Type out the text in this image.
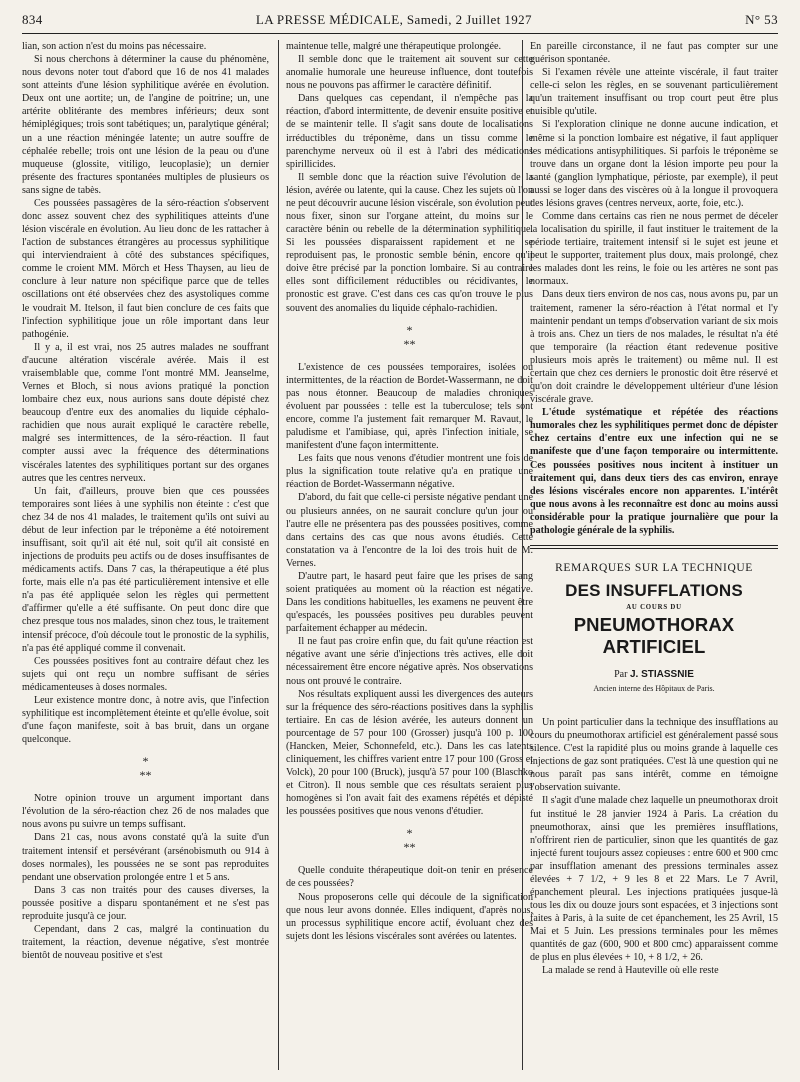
834	LA PRESSE MÉDICALE, Samedi, 2 Juillet 1927	N° 53

lian, son action n'est du moins pas nécessaire.

Si nous cherchons à déterminer la cause du phénomène, nous devons noter tout d'abord que 16 de nos 41 malades sont atteints d'une lésion syphilitique avérée en évolution. Deux ont une aortite; un, de l'angine de poitrine; un, une artérite oblitérante des membres inférieurs; deux sont hémiplégiques; trois sont tabétiques; un, paralytique général; un a une réaction méningée latente; un autre souffre de céphalée rebelle; trois ont une lésion de la peau ou d'une muqueuse (glossite, vitiligo, leucoplasie); un dernier présente des fractures spontanées multiples de plusieurs os sans signe de tabès.

Ces poussées passagères de la séro-réaction s'observent donc assez souvent chez des syphilitiques atteints d'une lésion viscérale en évolution. Au lieu donc de les rattacher à l'action de substances étrangères au processus syphilitique qui interviendraient à côté des substances spécifiques, comme le croient MM. Mörch et Hess Thaysen, au lieu de conclure à leur nature non spécifique parce que de telles oscillations ont été observées chez des asystoliques comme le voudrait M. Itelson, il faut bien conclure de ces faits que l'infection syphilitique joue un rôle important dans leur pathogénie.

Il y a, il est vrai, nos 25 autres malades ne souffrant d'aucune altération viscérale avérée. Mais il est vraisemblable que, comme l'ont montré MM. Jeanselme, Vernes et Bloch, si nous avions pratiqué la ponction lombaire chez eux, nous aurions sans doute dépisté chez beaucoup d'entre eux des anomalies du liquide céphalo-rachidien que nous aurait expliqué le caractère rebelle, malgré ses intermittences, de la séro-réaction. Il faut compter aussi avec la fréquence des déterminations viscérales latentes des syphilitiques portant sur des organes autres que les centres nerveux.

Un fait, d'ailleurs, prouve bien que ces poussées temporaires sont liées à une syphilis non éteinte : c'est que chez 34 de nos 41 malades, le traitement qu'ils ont suivi au début de leur infection par le tréponème a été notoirement insuffisant, soit qu'il ait été nul, soit qu'il ait consisté en injections de produits peu actifs ou de doses insuffisantes de médicaments actifs. Dans 7 cas, la thérapeutique a été plus forte, mais elle n'a pas été particulièrement intensive et elle n'a pas été appliquée selon les règles qui permettent d'affirmer qu'elle a été suffisante. On peut donc dire que chez presque tous nos malades, sinon chez tous, le traitement intensif précoce, d'où découle tout le pronostic de la syphilis, n'a pas été appliqué comme il convenait.

Ces poussées positives font au contraire défaut chez les sujets qui ont reçu un nombre suffisant de séries médicamenteuses à doses normales.

Leur existence montre donc, à notre avis, que l'infection syphilitique est incomplètement éteinte et qu'elle évolue, soit d'une façon manifeste, soit à bas bruit, dans un organe quelconque.

*
**

Notre opinion trouve un argument important dans l'évolution de la séro-réaction chez 26 de nos malades que nous avons pu suivre un temps suffisant.

Dans 21 cas, nous avons constaté qu'à la suite d'un traitement intensif et persévérant (arsénobismuth ou 914 à doses normales), les poussées ne se sont pas reproduites pendant une observation prolongée entre 1 et 5 ans.

Dans 3 cas non traités pour des causes diverses, la poussée positive a disparu spontanément et ne s'est pas reproduite jusqu'à ce jour.

Cependant, dans 2 cas, malgré la continuation du traitement, la réaction, devenue négative, s'est montrée bientôt de nouveau positive et s'est

maintenue telle, malgré une thérapeutique prolongée.

Il semble donc que le traitement ait souvent sur cette anomalie humorale une heureuse influence, dont toutefois nous ne pouvons pas affirmer le caractère définitif.

Dans quelques cas cependant, il n'empêche pas la réaction, d'abord intermittente, de devenir ensuite positive et de se maintenir telle. Il s'agit sans doute de localisations irréductibles du tréponème, dans un tissu comme le parenchyme nerveux où il est à l'abri des médications spirillicides.

Il semble donc que la réaction suive l'évolution de la lésion, avérée ou latente, qui la cause. Chez les sujets où l'on ne peut découvrir aucune lésion viscérale, son évolution peut nous fixer, sinon sur l'organe atteint, du moins sur le caractère bénin ou rebelle de la détermination syphilitique. Si les poussées disparaissent rapidement et ne se reproduisent pas, le pronostic semble bénin, encore qu'il doive être précisé par la ponction lombaire. Si au contraire elles sont difficilement réductibles ou récidivantes, le pronostic est grave. C'est dans ces cas qu'on trouve le plus souvent des anomalies du liquide céphalo-rachidien.

*
**

L'existence de ces poussées temporaires, isolées ou intermittentes, de la réaction de Bordet-Wassermann, ne doit pas nous étonner. Beaucoup de maladies chroniques évoluent par poussées : telle est la tuberculose; tels sont encore, comme l'a justement fait remarquer M. Ravaut, le paludisme et l'amibiase, qui, après l'infection initiale, se manifestent d'une façon intermittente.

Les faits que nous venons d'étudier montrent une fois de plus la signification toute relative qu'a en pratique une réaction de Bordet-Wassermann négative.

D'abord, du fait que celle-ci persiste négative pendant une ou plusieurs années, on ne saurait conclure qu'un jour ou l'autre elle ne présentera pas des poussées positives, comme dans certains des cas que nous avons étudiés. Cette constatation va à l'encontre de la loi des trois huit de M. Vernes.

D'autre part, le hasard peut faire que les prises de sang soient pratiquées au moment où la réaction est négative. Dans les conditions habituelles, les examens ne peuvent être qu'espacés, les poussées positives peu durables peuvent parfaitement échapper au médecin.

Il ne faut pas croire enfin que, du fait qu'une réaction est négative avant une série d'injections très actives, elle doit nécessairement être encore négative après. Nos observations nous ont prouvé le contraire.

Nos résultats expliquent aussi les divergences des auteurs sur la fréquence des séro-réactions positives dans la syphilis tertiaire. En cas de lésion avérée, les auteurs donnent un pourcentage de 57 pour 100 (Grosser) jusqu'à 100 p. 100 (Hancken, Meier, Schonnefeld, etc.). Dans les cas latents cliniquement, les chiffres varient entre 17 pour 100 (Gross et Volck), 20 pour 100 (Bruck), jusqu'à 57 pour 100 (Blaschko et Citron). Il nous semble que ces résultats seraient plus homogènes si l'on avait fait des examens répétés et dépisté les poussées positives que nous venons d'étudier.

*
**

Quelle conduite thérapeutique doit-on tenir en présence de ces poussées?

Nous proposerons celle qui découle de la signification que nous leur avons donnée. Elles indiquent, d'après nous, un processus syphilitique encore actif, évoluant chez des sujets dont les lésions viscérales sont avérées ou latentes.

En pareille circonstance, il ne faut pas compter sur une guérison spontanée.

Si l'examen révèle une atteinte viscérale, il faut traiter celle-ci selon les règles, en se souvenant particulièrement qu'un traitement insuffisant ou trop court peut être plus nuisible qu'utile.

Si l'exploration clinique ne donne aucune indication, et même si la ponction lombaire est négative, il faut appliquer les médications antisyphilitiques. Si parfois le tréponème se trouve dans un organe dont la lésion importe peu pour la santé (ganglion lymphatique, périoste, par exemple), il peut aussi se loger dans des viscères où à la longue il provoquera des lésions graves (centres nerveux, aorte, foie, etc.).

Comme dans certains cas rien ne nous permet de déceler la localisation du spirille, il faut instituer le traitement de la période tertiaire, traitement intensif si le sujet est jeune et peut le supporter, traitement plus doux, mais prolongé, chez les malades dont les reins, le foie ou les artères ne sont pas normaux.

Dans deux tiers environ de nos cas, nous avons pu, par un traitement, ramener la séro-réaction à l'état normal et l'y maintenir pendant un temps d'observation variant de six mois à trois ans. Chez un tiers de nos malades, le résultat n'a été que temporaire (la réaction étant redevenue positive plusieurs mois après le traitement) ou même nul. Il est certain que chez ces derniers le pronostic doit être réservé et qu'on doit craindre le développement ultérieur d'une lésion viscérale grave.

L'étude systématique et répétée des réactions humorales chez les syphilitiques permet donc de dépister chez certains d'entre eux une infection qui ne se manifeste que d'une façon temporaire ou intermittente. Ces poussées positives nous incitent à instituer un traitement qui, dans deux tiers des cas environ, enraye des lésions viscérales encore non apparentes. L'intérêt que nous avons à les reconnaître est donc au moins aussi considérable pour la pratique journalière que pour la pathologie générale de la syphilis.

REMARQUES SUR LA TECHNIQUE
DES INSUFFLATIONS
AU COURS DU
PNEUMOTHORAX ARTIFICIEL
Par J. STIASSNIE
Ancien interne des Hôpitaux de Paris.

Un point particulier dans la technique des insufflations au cours du pneumothorax artificiel est généralement passé sous silence. C'est la rapidité plus ou moins grande à laquelle ces injections de gaz sont pratiquées. C'est là une question qui ne nous paraît pas sans intérêt, comme en témoigne l'observation suivante.

Il s'agit d'une malade chez laquelle un pneumothorax droit fut institué le 28 janvier 1924 à Paris. La création du pneumothorax, ainsi que les premières insufflations, n'offrirent rien de particulier, sinon que les quantités de gaz injecté furent toujours assez copieuses : entre 600 et 900 cmc par insufflation amenant des pressions terminales assez élevées + 7 1/2, + 9 les 8 et 22 Mars. Le 7 Avril, épanchement pleural. Les injections pratiquées jusque-là tous les dix ou douze jours sont espacées, et 3 injections sont faites à Paris, à la suite de cet épanchement, les 25 Avril, 15 Mai et 5 Juin. Les pressions terminales pour les mêmes quantités de gaz (600, 900 et 800 cmc) apparaissent comme de plus en plus élevées + 10, + 8 1/2, + 26.

La malade se rend à Hauteville où elle reste
